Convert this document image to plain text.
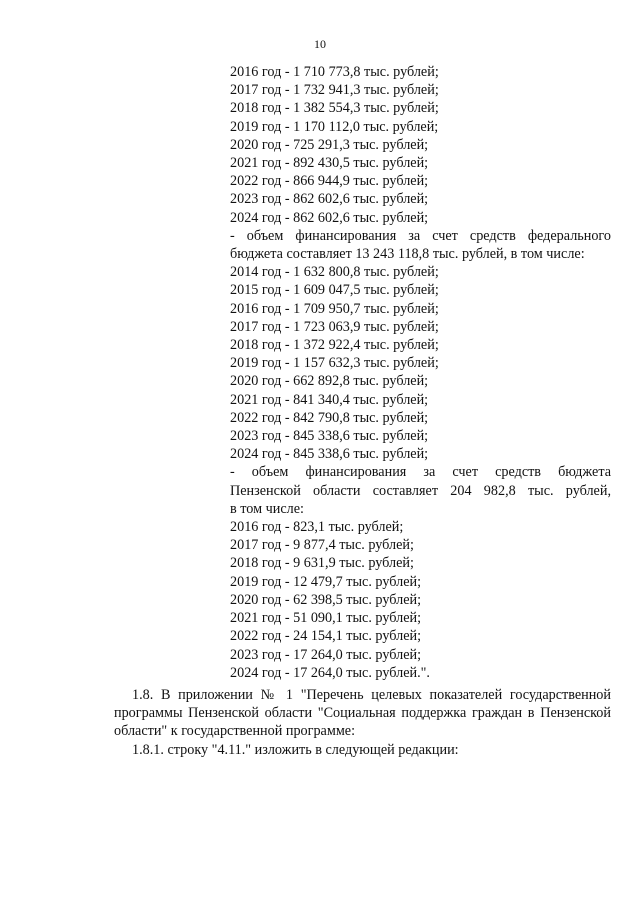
10
2016 год - 1 710 773,8 тыс. рублей;
2017 год - 1 732 941,3 тыс. рублей;
2018 год - 1 382 554,3 тыс. рублей;
2019 год - 1 170 112,0 тыс. рублей;
2020 год - 725 291,3 тыс. рублей;
2021 год - 892 430,5 тыс. рублей;
2022 год - 866 944,9 тыс. рублей;
2023 год - 862 602,6 тыс. рублей;
2024 год - 862 602,6 тыс. рублей;
- объем финансирования за счет средств федерального
бюджета составляет 13 243 118,8 тыс. рублей, в том числе:
2014 год - 1 632 800,8 тыс. рублей;
2015 год - 1 609 047,5 тыс. рублей;
2016 год - 1 709 950,7 тыс. рублей;
2017 год - 1 723 063,9 тыс. рублей;
2018 год - 1 372 922,4 тыс. рублей;
2019 год - 1 157 632,3 тыс. рублей;
2020 год - 662 892,8 тыс. рублей;
2021 год - 841 340,4 тыс. рублей;
2022 год - 842 790,8 тыс. рублей;
2023 год - 845 338,6 тыс. рублей;
2024 год - 845 338,6 тыс. рублей;
- объем финансирования за счет средств бюджета
Пензенской области составляет 204 982,8 тыс. рублей,
в том числе:
2016 год - 823,1 тыс. рублей;
2017 год - 9 877,4 тыс. рублей;
2018 год - 9 631,9 тыс. рублей;
2019 год - 12 479,7 тыс. рублей;
2020 год - 62 398,5 тыс. рублей;
2021 год - 51 090,1 тыс. рублей;
2022 год - 24 154,1 тыс. рублей;
2023 год - 17 264,0 тыс. рублей;
2024 год - 17 264,0 тыс. рублей.".
1.8. В приложении № 1 "Перечень целевых показателей государственной
программы Пензенской области "Социальная поддержка граждан в Пензенской
области" к государственной программе:
1.8.1. строку "4.11." изложить в следующей редакции:
